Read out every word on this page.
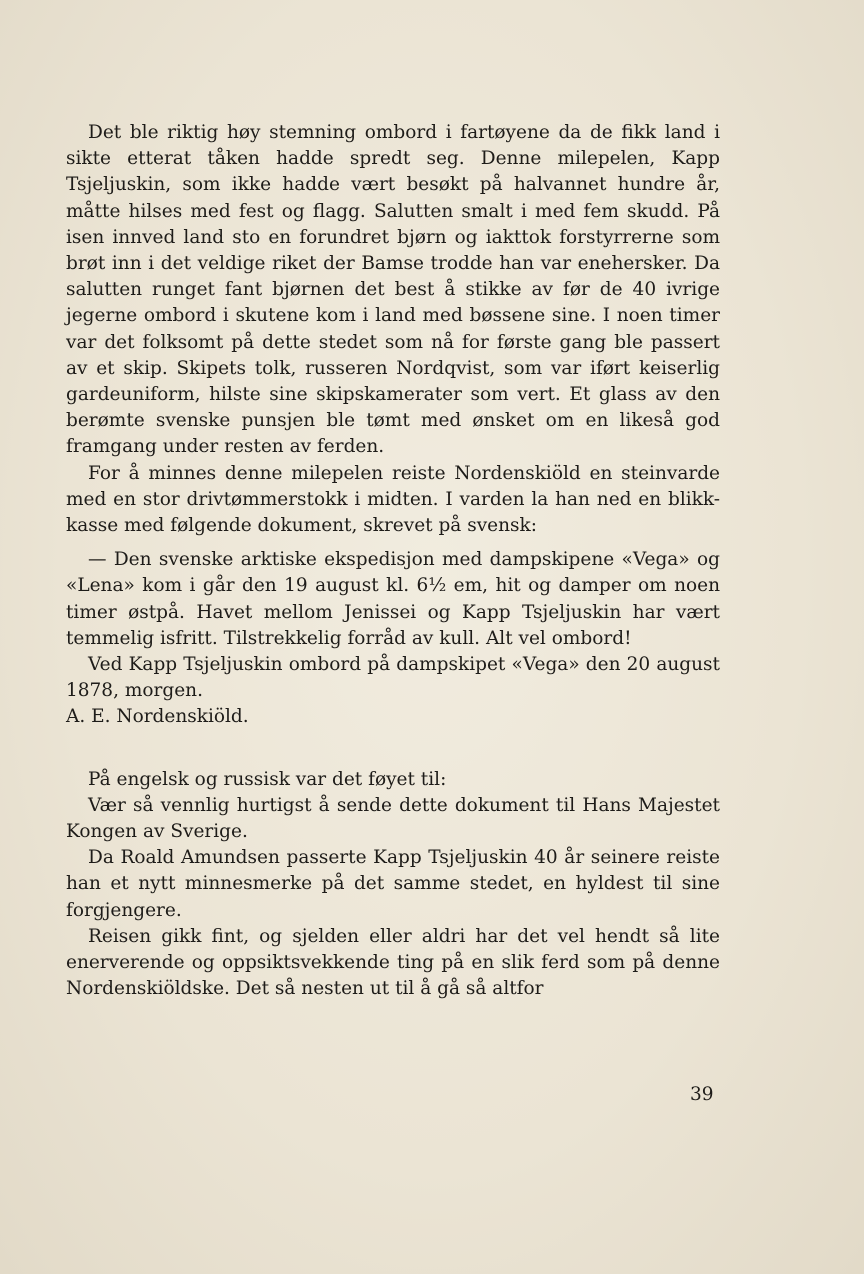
Det ble riktig høy stemning ombord i fartøyene da de fikk land i sikte etterat tåken hadde spredt seg. Denne milepelen, Kapp Tsjeljuskin, som ikke hadde vært besøkt på halvannet hundre år, måtte hilses med fest og flagg. Salutten smalt i med fem skudd. På isen innved land sto en forundret bjørn og iakttok forstyrrerne som brøt inn i det veldige riket der Bamse trodde han var enehersker. Da salutten runget fant bjørnen det best å stikke av før de 40 ivrige jegerne ombord i skutene kom i land med bøssene sine. I noen timer var det folksomt på dette stedet som nå for første gang ble passert av et skip. Skipets tolk, russeren Nordqvist, som var iført keiserlig gardeuniform, hilste sine skipskamerater som vert. Et glass av den berømte svenske punsjen ble tømt med ønsket om en likeså god framgang under resten av ferden.

For å minnes denne milepelen reiste Nordenskiöld en steinvarde med en stor drivtømmerstokk i midten. I varden la han ned en blikk-kasse med følgende dokument, skrevet på svensk:

— Den svenske arktiske ekspedisjon med dampskipene «Vega» og «Lena» kom i går den 19 august kl. 6½ em, hit og damper om noen timer østpå. Havet mellom Jenissei og Kapp Tsjeljuskin har vært temmelig isfritt. Tilstrekkelig forråd av kull. Alt vel ombord!

Ved Kapp Tsjeljuskin ombord på dampskipet «Vega» den 20 august 1878, morgen.

A. E. Nordenskiöld.

På engelsk og russisk var det føyet til:

Vær så vennlig hurtigst å sende dette dokument til Hans Majestet Kongen av Sverige.

Da Roald Amundsen passerte Kapp Tsjeljuskin 40 år seinere reiste han et nytt minnesmerke på det samme stedet, en hyldest til sine forgjengere.

Reisen gikk fint, og sjelden eller aldri har det vel hendt så lite enerverende og oppsiktsvekkende ting på en slik ferd som på denne Nordenskiöldske. Det så nesten ut til å gå så altfor

39
